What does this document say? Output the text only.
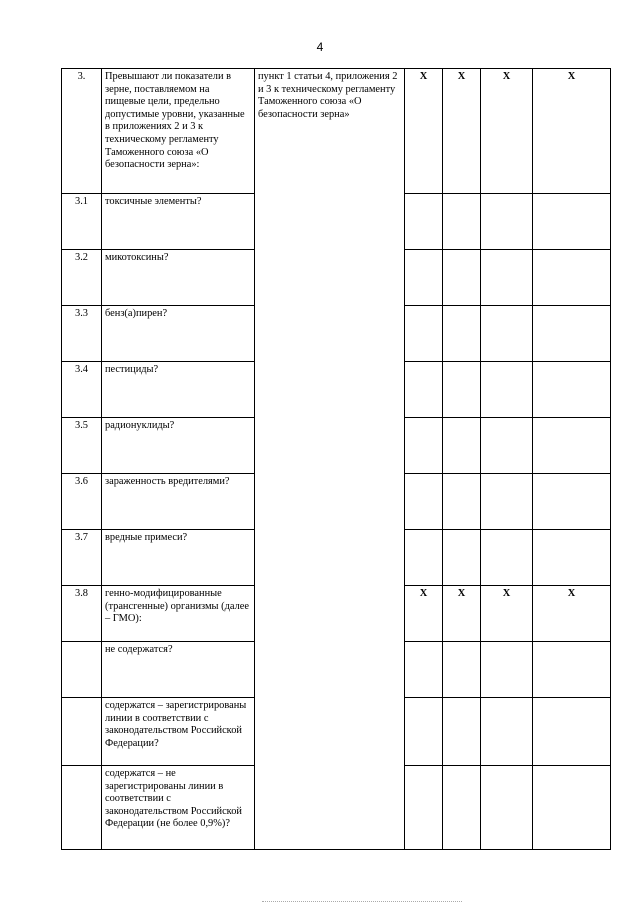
4
3.	Превышают ли показатели в зерне, поставляемом на пищевые цели, предельно допустимые уровни, указанные в приложениях 2 и 3 к техническому регламенту Таможенного союза «О безопасности зерна»:	пункт 1 статьи 4, приложения 2 и 3 к техническому регламенту Таможенного союза «О безопасности зерна»	X	X	X	X
3.1	токсичные элементы?					
3.2	микотоксины?					
3.3	бенз(а)пирен?					
3.4	пестициды?					
3.5	радионуклиды?					
3.6	зараженность вредителями?					
3.7	вредные примеси?					
3.8	генно-модифицированные (трансгенные) организмы (далее – ГМО):		X	X	X	X
	не содержатся?					
	содержатся – зарегистрированы линии в соответствии с законодательством Российской Федерации?					
	содержатся – не зарегистрированы линии в соответствии с законодательством Российской Федерации (не более 0,9%)?					
